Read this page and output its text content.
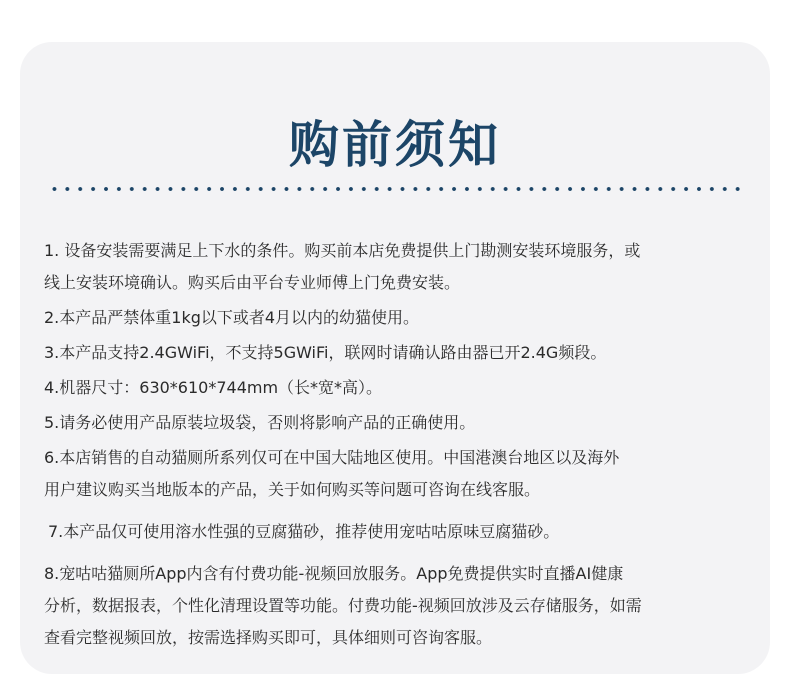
购前须知
1. 设备安装需要满足上下水的条件。购买前本店免费提供上门勘测安装环境服务，或
线上安装环境确认。购买后由平台专业师傅上门免费安装。
2.本产品严禁体重1kg以下或者4月以内的幼猫使用。
3.本产品支持2.4GWiFi，不支持5GWiFi，联网时请确认路由器已开2.4G频段。
4.机器尺寸：630*610*744mm（长*宽*高）。
5.请务必使用产品原装垃圾袋，否则将影响产品的正确使用。
6.本店销售的自动猫厕所系列仅可在中国大陆地区使用。中国港澳台地区以及海外
用户建议购买当地版本的产品，关于如何购买等问题可咨询在线客服。
7.本产品仅可使用溶水性强的豆腐猫砂，推荐使用宠咕咕原味豆腐猫砂。
8.宠咕咕猫厕所App内含有付费功能-视频回放服务。App免费提供实时直播AI健康
分析，数据报表，个性化清理设置等功能。付费功能-视频回放涉及云存储服务，如需
查看完整视频回放，按需选择购买即可，具体细则可咨询客服。
